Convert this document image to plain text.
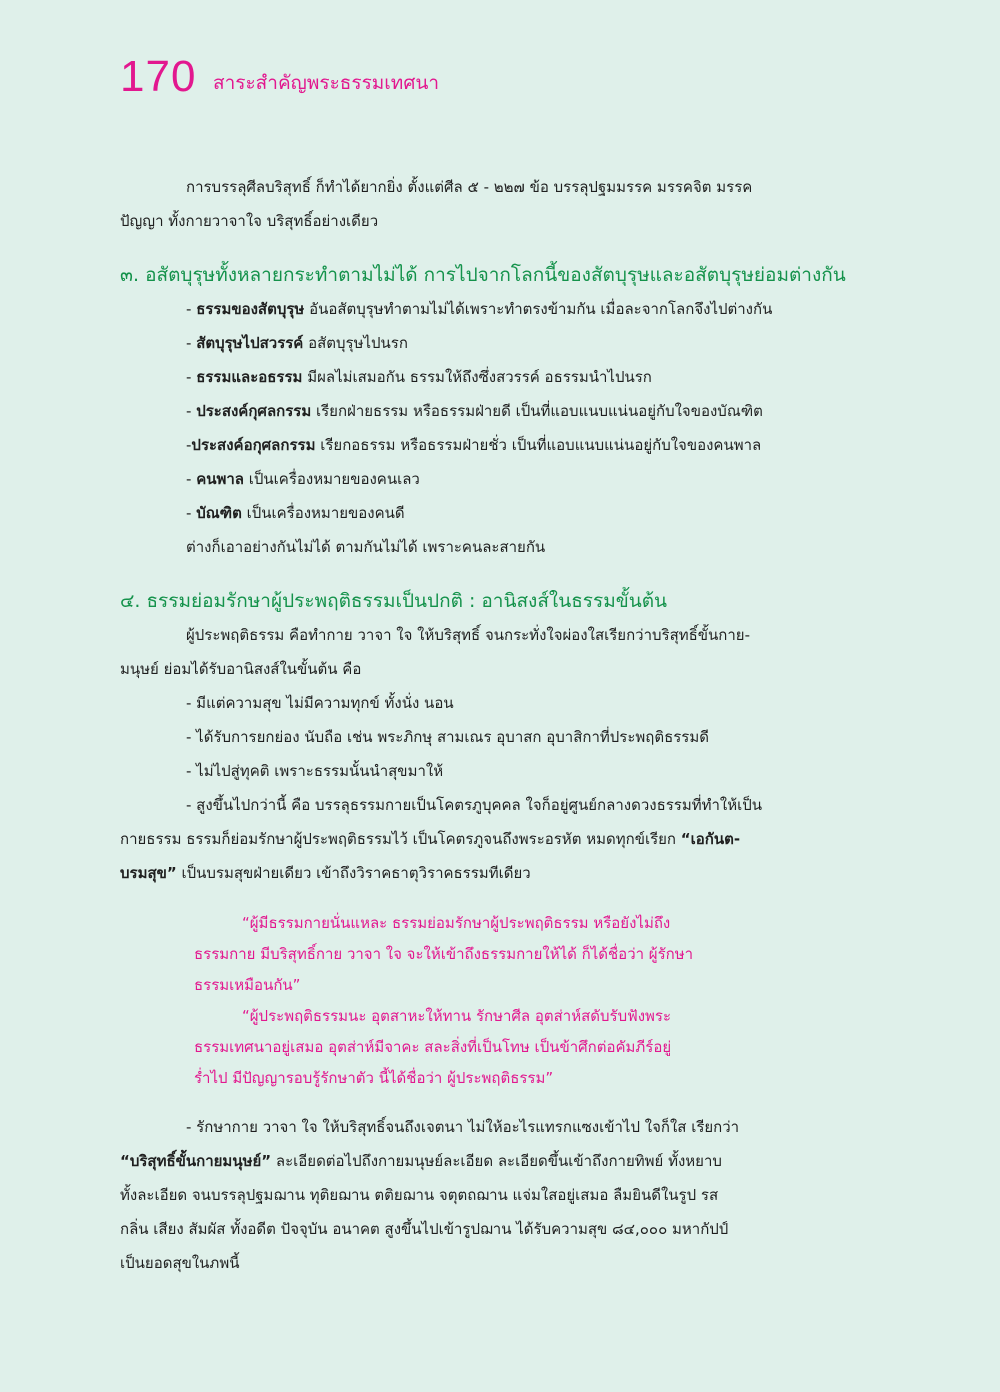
170 สาระสำคัญพระธรรมเทศนา

การบรรลุศีลบริสุทธิ์ ก็ทำได้ยากยิ่ง ตั้งแต่ศีล ๕ - ๒๒๗ ข้อ บรรลุปฐมมรรค มรรคจิต มรรค
ปัญญา ทั้งกายวาจาใจ บริสุทธิ์อย่างเดียว

๓. อสัตบุรุษทั้งหลายกระทำตามไม่ได้ การไปจากโลกนี้ของสัตบุรุษและอสัตบุรุษย่อมต่างกัน

- ธรรมของสัตบุรุษ อันอสัตบุรุษทำตามไม่ได้เพราะทำตรงข้ามกัน เมื่อละจากโลกจึงไปต่างกัน

- สัตบุรุษไปสวรรค์ อสัตบุรุษไปนรก

- ธรรมและอธรรม มีผลไม่เสมอกัน ธรรมให้ถึงซึ่งสวรรค์ อธรรมนำไปนรก

- ประสงค์กุศลกรรม เรียกฝ่ายธรรม หรือธรรมฝ่ายดี เป็นที่แอบแนบแน่นอยู่กับใจของบัณฑิต

-ประสงค์อกุศลกรรม เรียกอธรรม หรือธรรมฝ่ายชั่ว เป็นที่แอบแนบแน่นอยู่กับใจของคนพาล

- คนพาล เป็นเครื่องหมายของคนเลว

- บัณฑิต เป็นเครื่องหมายของคนดี

ต่างก็เอาอย่างกันไม่ได้ ตามกันไม่ได้ เพราะคนละสายกัน

๔. ธรรมย่อมรักษาผู้ประพฤติธรรมเป็นปกติ : อานิสงส์ในธรรมขั้นต้น

ผู้ประพฤติธรรม คือทำกาย วาจา ใจ ให้บริสุทธิ์ จนกระทั่งใจผ่องใสเรียกว่าบริสุทธิ์ขั้นกาย-
มนุษย์ ย่อมได้รับอานิสงส์ในขั้นต้น คือ

- มีแต่ความสุข ไม่มีความทุกข์ ทั้งนั่ง นอน

- ได้รับการยกย่อง นับถือ เช่น พระภิกษุ สามเณร อุบาสก อุบาสิกาที่ประพฤติธรรมดี

- ไม่ไปสู่ทุคติ เพราะธรรมนั้นนำสุขมาให้

- สูงขึ้นไปกว่านี้ คือ บรรลุธรรมกายเป็นโคตรภูบุคคล ใจก็อยู่ศูนย์กลางดวงธรรมที่ทำให้เป็น
กายธรรม ธรรมก็ย่อมรักษาผู้ประพฤติธรรมไว้ เป็นโคตรภูจนถึงพระอรหัต หมดทุกข์เรียก “เอกันต-
บรมสุข” เป็นบรมสุขฝ่ายเดียว เข้าถึงวิราคธาตุวิราคธรรมทีเดียว

“ผู้มีธรรมกายนั่นแหละ ธรรมย่อมรักษาผู้ประพฤติธรรม หรือยังไม่ถึง

ธรรมกาย มีบริสุทธิ์กาย วาจา ใจ จะให้เข้าถึงธรรมกายให้ได้ ก็ได้ชื่อว่า ผู้รักษา

ธรรมเหมือนกัน”

“ผู้ประพฤติธรรมนะ อุตสาหะให้ทาน รักษาศีล อุตส่าห์สดับรับฟังพระ

ธรรมเทศนาอยู่เสมอ อุตส่าห์มีจาคะ สละสิ่งที่เป็นโทษ เป็นข้าศึกต่อคัมภีร์อยู่

ร่ำไป มีปัญญารอบรู้รักษาตัว นี้ได้ชื่อว่า ผู้ประพฤติธรรม”

- รักษากาย วาจา ใจ ให้บริสุทธิ์จนถึงเจตนา ไม่ให้อะไรแทรกแซงเข้าไป ใจก็ใส เรียกว่า
“บริสุทธิ์ขั้นกายมนุษย์” ละเอียดต่อไปถึงกายมนุษย์ละเอียด ละเอียดขึ้นเข้าถึงกายทิพย์ ทั้งหยาบ
ทั้งละเอียด จนบรรลุปฐมฌาน ทุติยฌาน ตติยฌาน จตุตถฌาน แจ่มใสอยู่เสมอ ลืมยินดีในรูป รส
กลิ่น เสียง สัมผัส ทั้งอดีต ปัจจุบัน อนาคต สูงขึ้นไปเข้ารูปฌาน ได้รับความสุข ๘๔,๐๐๐ มหากัปป์
เป็นยอดสุขในภพนี้
